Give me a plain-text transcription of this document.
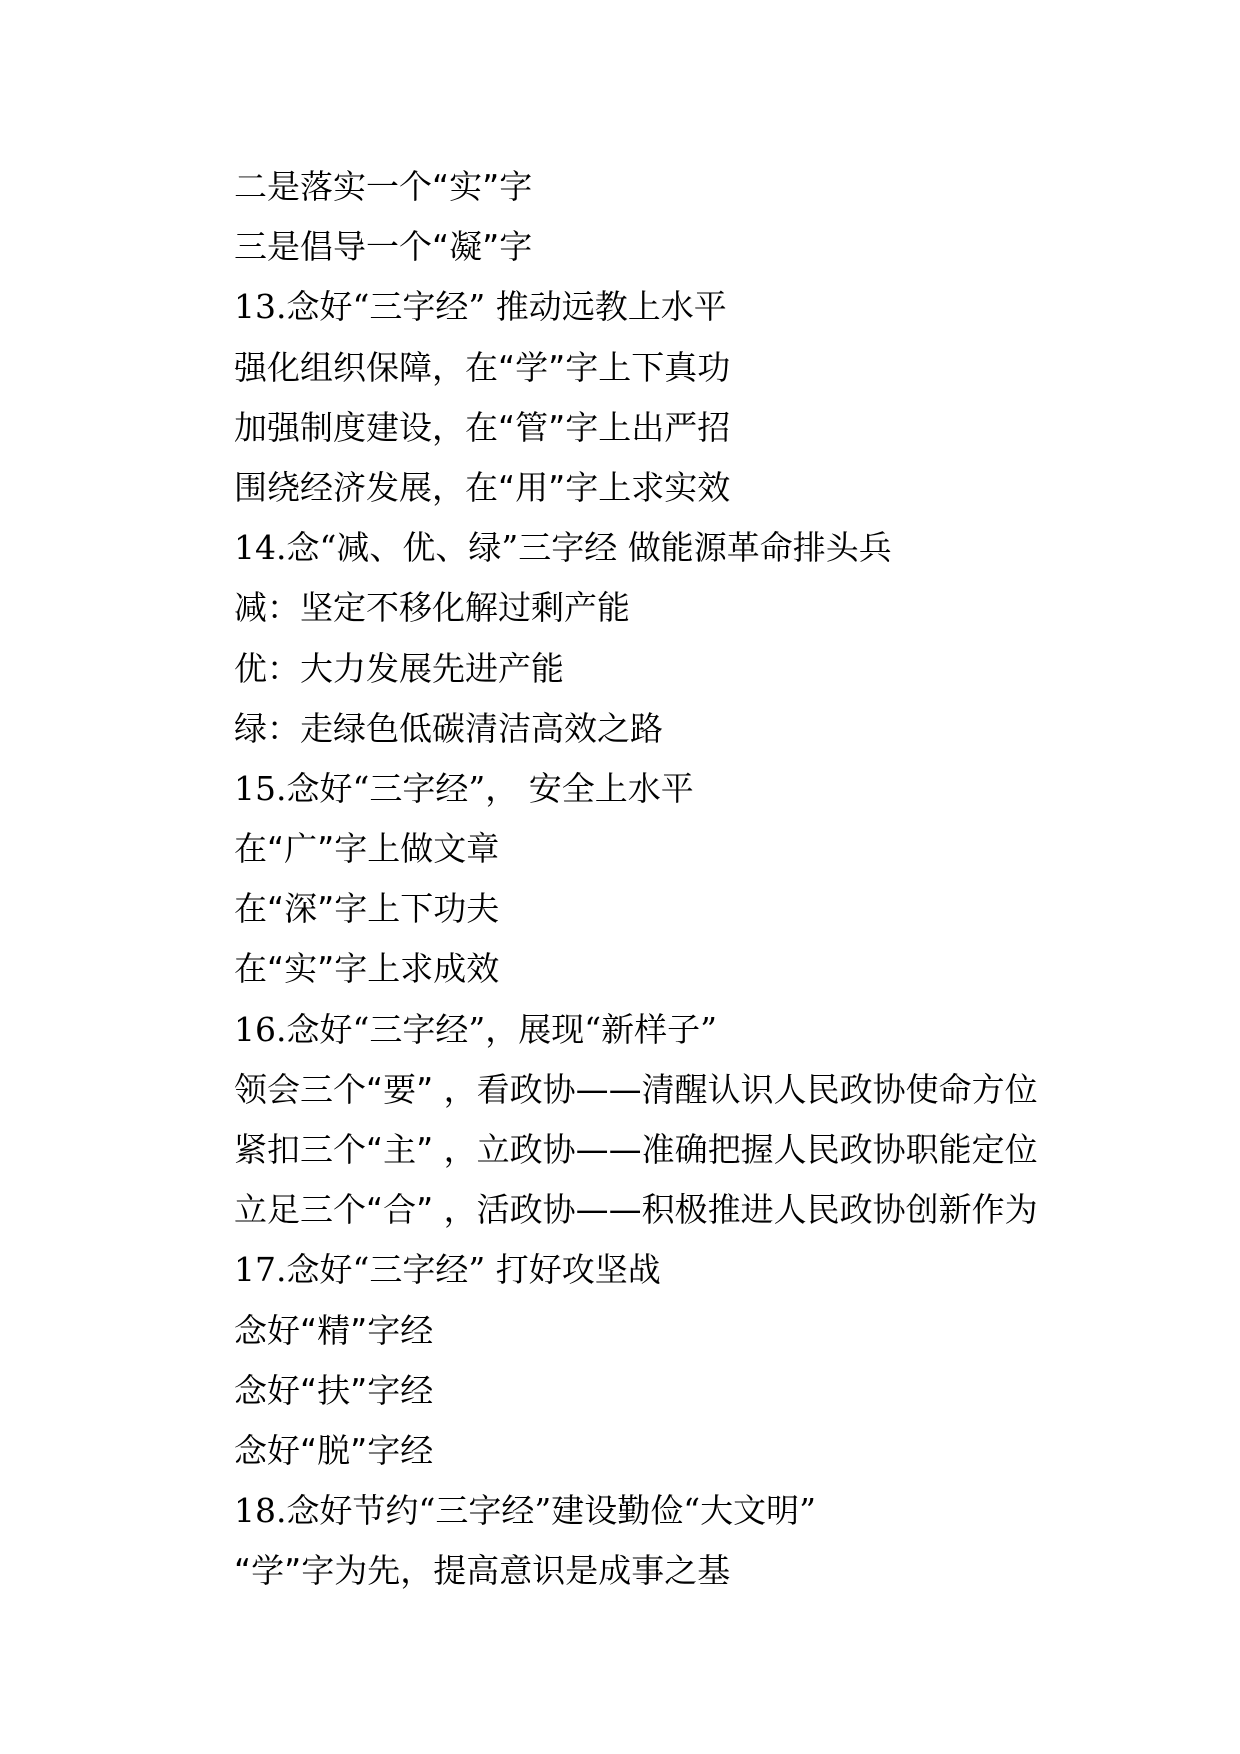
二是落实一个“实”字
三是倡导一个“凝”字
13.念好“三字经” 推动远教上水平
强化组织保障，在“学”字上下真功
加强制度建设，在“管”字上出严招
围绕经济发展，在“用”字上求实效
14.念“减、优、绿”三字经 做能源革命排头兵
减：坚定不移化解过剩产能
优：大力发展先进产能
绿：走绿色低碳清洁高效之路
15.念好“三字经”， 安全上水平
在“广”字上做文章
在“深”字上下功夫
在“实”字上求成效
16.念好“三字经”，展现“新样子”
领会三个“要” ，看政协——清醒认识人民政协使命方位
紧扣三个“主” ，立政协——准确把握人民政协职能定位
立足三个“合” ，活政协——积极推进人民政协创新作为
17.念好“三字经” 打好攻坚战
念好“精”字经
念好“扶”字经
念好“脱”字经
18.念好节约“三字经”建设勤俭“大文明”
“学”字为先，提高意识是成事之基
